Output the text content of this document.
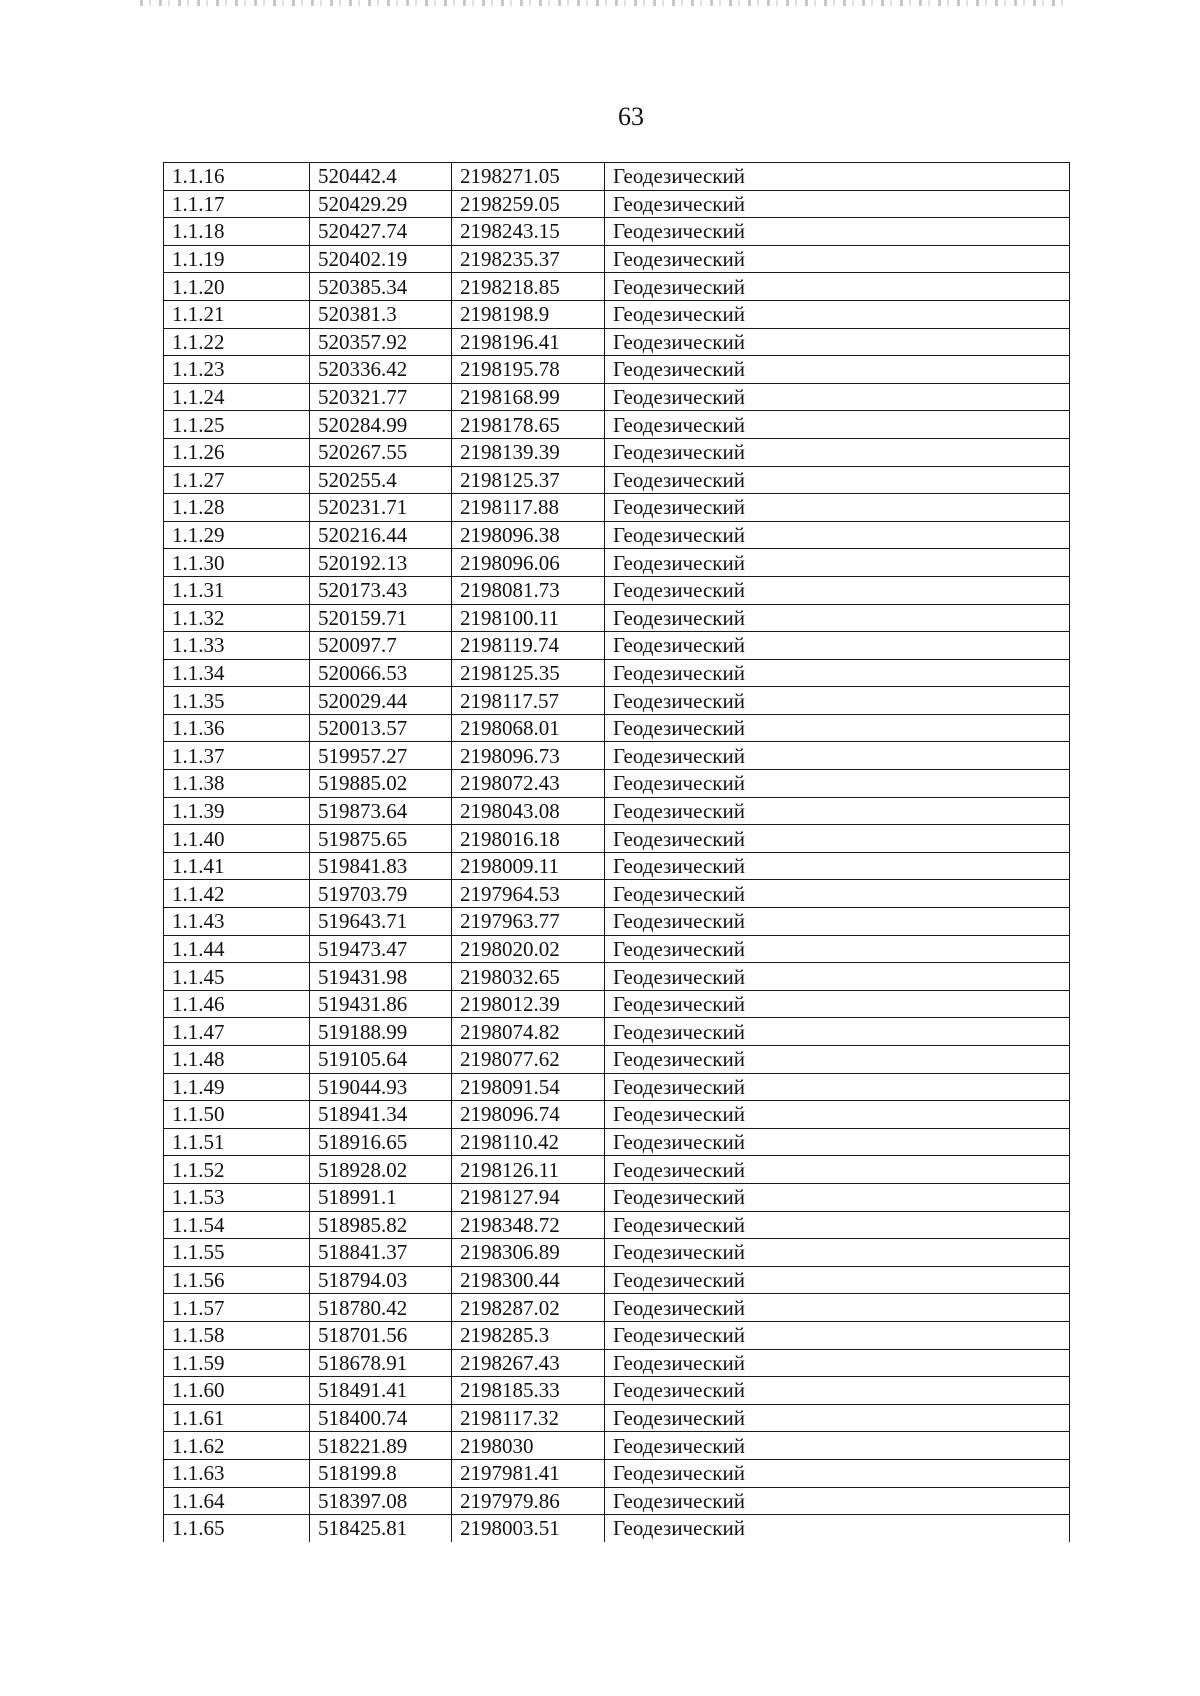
63
1.1.16	520442.4	2198271.05	Геодезический
1.1.17	520429.29	2198259.05	Геодезический
1.1.18	520427.74	2198243.15	Геодезический
1.1.19	520402.19	2198235.37	Геодезический
1.1.20	520385.34	2198218.85	Геодезический
1.1.21	520381.3	2198198.9	Геодезический
1.1.22	520357.92	2198196.41	Геодезический
1.1.23	520336.42	2198195.78	Геодезический
1.1.24	520321.77	2198168.99	Геодезический
1.1.25	520284.99	2198178.65	Геодезический
1.1.26	520267.55	2198139.39	Геодезический
1.1.27	520255.4	2198125.37	Геодезический
1.1.28	520231.71	2198117.88	Геодезический
1.1.29	520216.44	2198096.38	Геодезический
1.1.30	520192.13	2198096.06	Геодезический
1.1.31	520173.43	2198081.73	Геодезический
1.1.32	520159.71	2198100.11	Геодезический
1.1.33	520097.7	2198119.74	Геодезический
1.1.34	520066.53	2198125.35	Геодезический
1.1.35	520029.44	2198117.57	Геодезический
1.1.36	520013.57	2198068.01	Геодезический
1.1.37	519957.27	2198096.73	Геодезический
1.1.38	519885.02	2198072.43	Геодезический
1.1.39	519873.64	2198043.08	Геодезический
1.1.40	519875.65	2198016.18	Геодезический
1.1.41	519841.83	2198009.11	Геодезический
1.1.42	519703.79	2197964.53	Геодезический
1.1.43	519643.71	2197963.77	Геодезический
1.1.44	519473.47	2198020.02	Геодезический
1.1.45	519431.98	2198032.65	Геодезический
1.1.46	519431.86	2198012.39	Геодезический
1.1.47	519188.99	2198074.82	Геодезический
1.1.48	519105.64	2198077.62	Геодезический
1.1.49	519044.93	2198091.54	Геодезический
1.1.50	518941.34	2198096.74	Геодезический
1.1.51	518916.65	2198110.42	Геодезический
1.1.52	518928.02	2198126.11	Геодезический
1.1.53	518991.1	2198127.94	Геодезический
1.1.54	518985.82	2198348.72	Геодезический
1.1.55	518841.37	2198306.89	Геодезический
1.1.56	518794.03	2198300.44	Геодезический
1.1.57	518780.42	2198287.02	Геодезический
1.1.58	518701.56	2198285.3	Геодезический
1.1.59	518678.91	2198267.43	Геодезический
1.1.60	518491.41	2198185.33	Геодезический
1.1.61	518400.74	2198117.32	Геодезический
1.1.62	518221.89	2198030	Геодезический
1.1.63	518199.8	2197981.41	Геодезический
1.1.64	518397.08	2197979.86	Геодезический
1.1.65	518425.81	2198003.51	Геодезический
